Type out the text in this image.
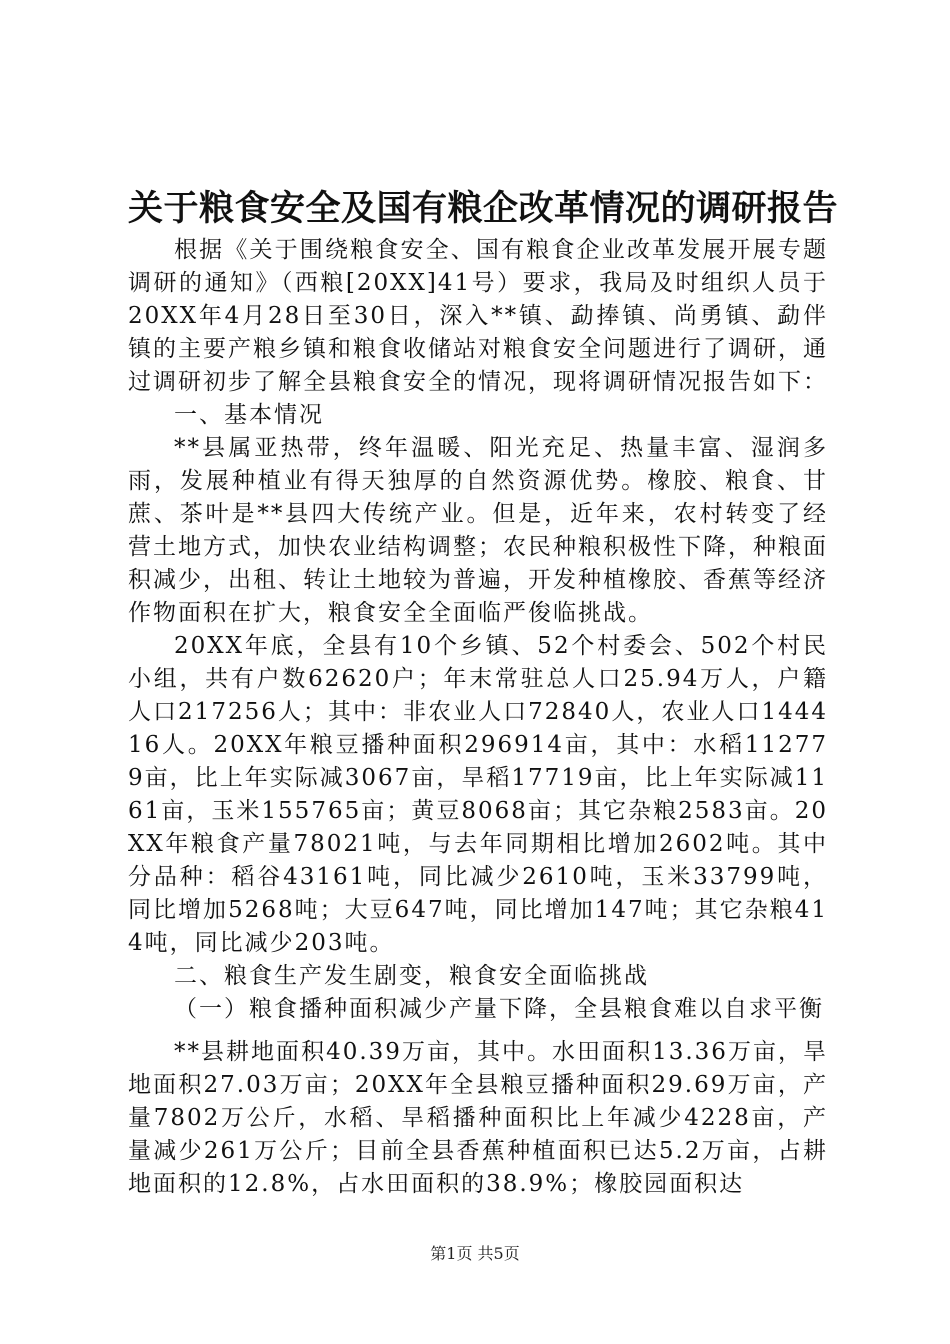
关于粮食安全及国有粮企改革情况的调研报告

根据《关于围绕粮食安全、国有粮食企业改革发展开展专题调研的通知》（西粮[20XX]41号）要求，我局及时组织人员于20XX年4月28日至30日，深入**镇、勐捧镇、尚勇镇、勐伴镇的主要产粮乡镇和粮食收储站对粮食安全问题进行了调研，通过调研初步了解全县粮食安全的情况，现将调研情况报告如下：

一、基本情况

**县属亚热带，终年温暖、阳光充足、热量丰富、湿润多雨，发展种植业有得天独厚的自然资源优势。橡胶、粮食、甘蔗、茶叶是**县四大传统产业。但是，近年来，农村转变了经营土地方式，加快农业结构调整；农民种粮积极性下降，种粮面积减少，出租、转让土地较为普遍，开发种植橡胶、香蕉等经济作物面积在扩大，粮食安全全面临严俊临挑战。

20XX年底，全县有10个乡镇、52个村委会、502个村民小组，共有户数62620户；年末常驻总人口25.94万人，户籍人口217256人；其中：非农业人口72840人，农业人口144416人。20XX年粮豆播种面积296914亩，其中：水稻112779亩，比上年实际减3067亩，旱稻17719亩，比上年实际减1161亩，玉米155765亩；黄豆8068亩；其它杂粮2583亩。20XX年粮食产量78021吨，与去年同期相比增加2602吨。其中分品种：稻谷43161吨，同比减少2610吨，玉米33799吨，同比增加5268吨；大豆647吨，同比增加147吨；其它杂粮414吨，同比减少203吨。

二、粮食生产发生剧变，粮食安全面临挑战

（一）粮食播种面积减少产量下降，全县粮食难以自求平衡

**县耕地面积40.39万亩，其中。水田面积13.36万亩，旱地面积27.03万亩；20XX年全县粮豆播种面积29.69万亩，产量7802万公斤，水稻、旱稻播种面积比上年减少4228亩，产量减少261万公斤；目前全县香蕉种植面积已达5.2万亩，占耕地面积的12.8%，占水田面积的38.9%；橡胶园面积达

第1页 共5页
